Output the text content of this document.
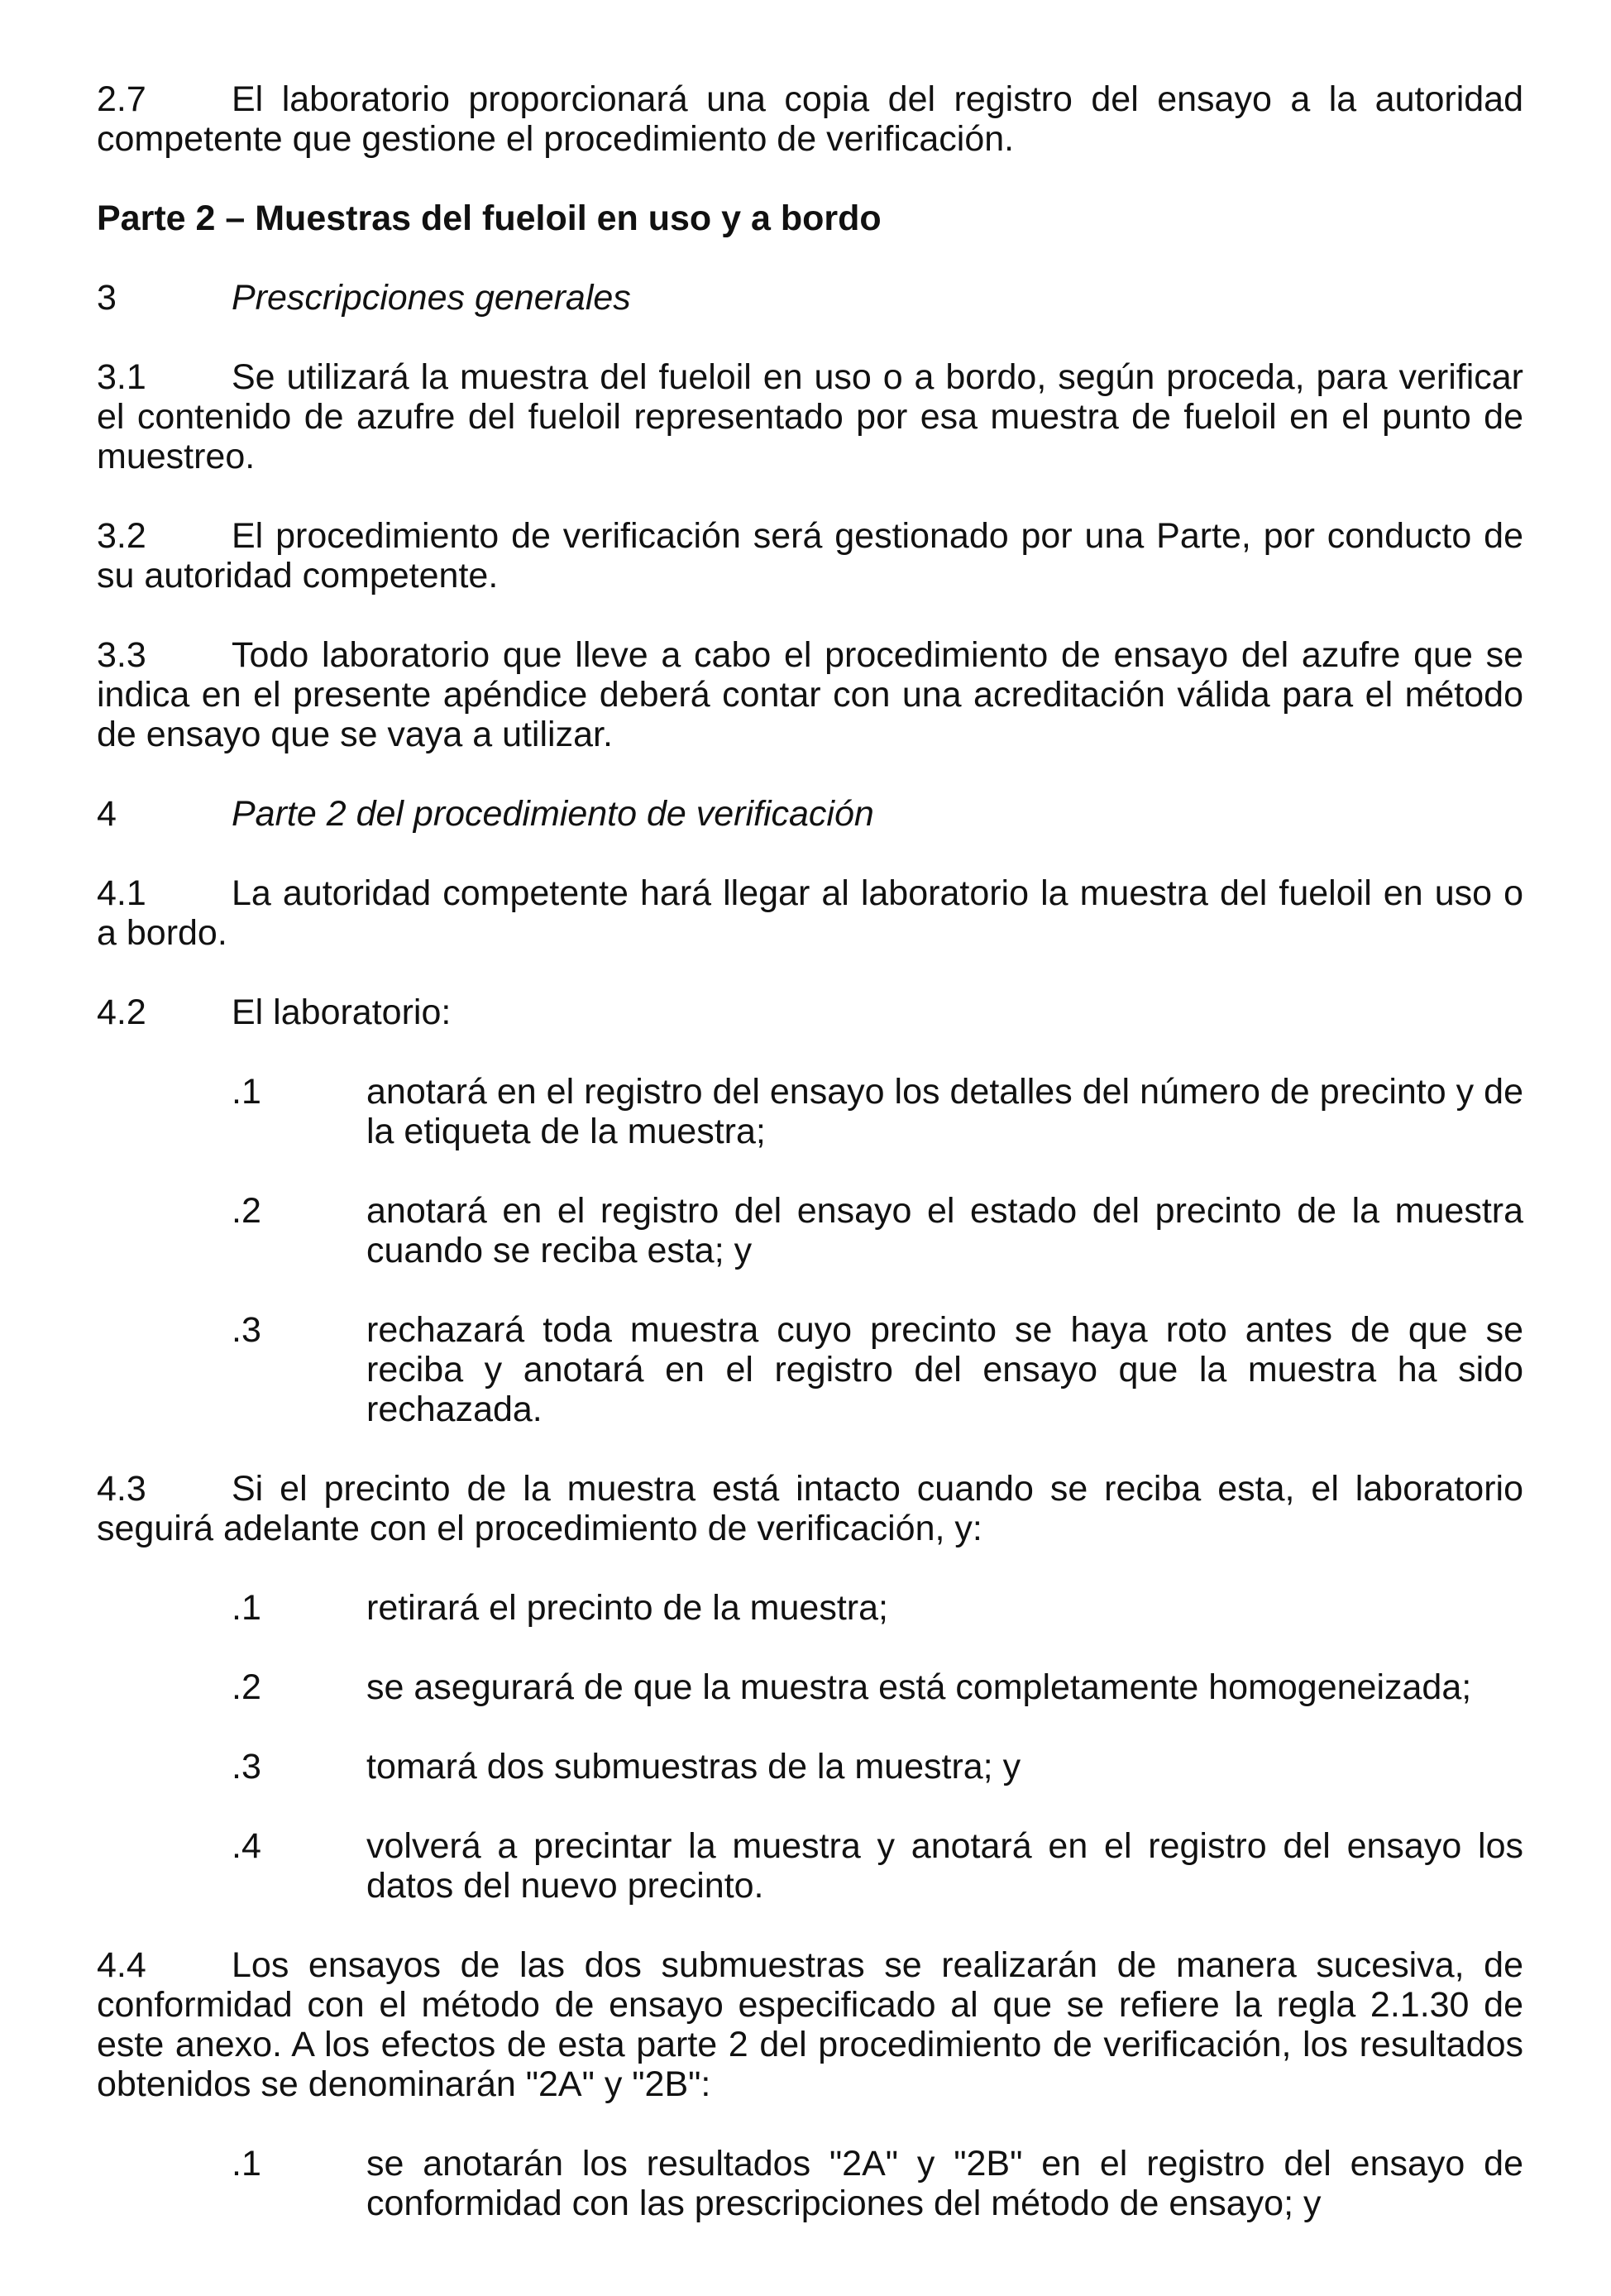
2.7 El laboratorio proporcionará una copia del registro del ensayo a la autoridad competente que gestione el procedimiento de verificación.

Parte 2 – Muestras del fueloil en uso y a bordo
3	Prescripciones generales

3.1 Se utilizará la muestra del fueloil en uso o a bordo, según proceda, para verificar el contenido de azufre del fueloil representado por esa muestra de fueloil en el punto de muestreo.

3.2 El procedimiento de verificación será gestionado por una Parte, por conducto de su autoridad competente.

3.3 Todo laboratorio que lleve a cabo el procedimiento de ensayo del azufre que se indica en el presente apéndice deberá contar con una acreditación válida para el método de ensayo que se vaya a utilizar.

4	Parte 2 del procedimiento de verificación

4.1 La autoridad competente hará llegar al laboratorio la muestra del fueloil en uso o a bordo.

4.2 El laboratorio:

.1	anotará en el registro del ensayo los detalles del número de precinto y de la etiqueta de la muestra;
.2	anotará en el registro del ensayo el estado del precinto de la muestra cuando se reciba esta; y
.3	rechazará toda muestra cuyo precinto se haya roto antes de que se reciba y anotará en el registro del ensayo que la muestra ha sido rechazada.

4.3 Si el precinto de la muestra está intacto cuando se reciba esta, el laboratorio seguirá adelante con el procedimiento de verificación, y:

.1	retirará el precinto de la muestra;
.2	se asegurará de que la muestra está completamente homogeneizada;
.3	tomará dos submuestras de la muestra; y
.4	volverá a precintar la muestra y anotará en el registro del ensayo los datos del nuevo precinto.

4.4 Los ensayos de las dos submuestras se realizarán de manera sucesiva, de conformidad con el método de ensayo especificado al que se refiere la regla 2.1.30 de este anexo. A los efectos de esta parte 2 del procedimiento de verificación, los resultados obtenidos se denominarán "2A" y "2B":

.1	se anotarán los resultados "2A" y "2B" en el registro del ensayo de conformidad con las prescripciones del método de ensayo; y
